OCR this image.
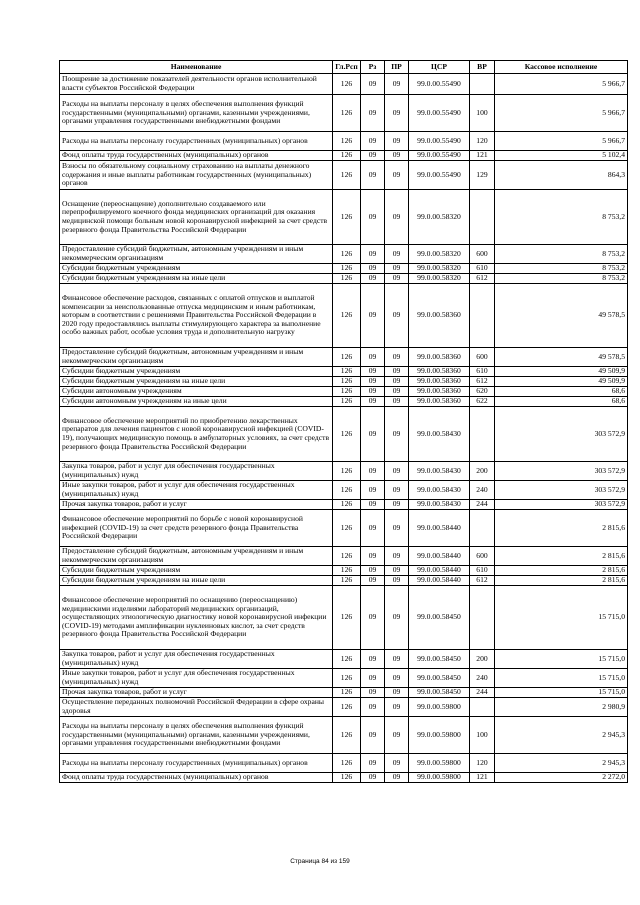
Наименование	Гл.Рсп	Рз	ПР	ЦСР	ВР	Кассовое исполнение
Поощрение за достижение показателей деятельности органов исполнительной власти субъектов Российской Федерации	126	09	09	99.0.00.55490		5 966,7
Расходы на выплаты персоналу в целях обеспечения выполнения функций государственными (муниципальными) органами, казенными учреждениями, органами управления государственными внебюджетными фондами	126	09	09	99.0.00.55490	100	5 966,7
Расходы на выплаты персоналу государственных (муниципальных) органов	126	09	09	99.0.00.55490	120	5 966,7
Фонд оплаты труда государственных (муниципальных) органов	126	09	09	99.0.00.55490	121	5 102,4
Взносы по обязательному социальному страхованию на выплаты денежного содержания и иные выплаты работникам государственных (муниципальных) органов	126	09	09	99.0.00.55490	129	864,3
Оснащение (переоснащение) дополнительно создаваемого или перепрофилируемого коечного фонда медицинских организаций для оказания медицинской помощи больным новой коронавирусной инфекцией за счет средств резервного фонда Правительства Российской Федерации	126	09	09	99.0.00.58320		8 753,2
Предоставление субсидий бюджетным, автономным учреждениям и иным некоммерческим организациям	126	09	09	99.0.00.58320	600	8 753,2
Субсидии бюджетным учреждениям	126	09	09	99.0.00.58320	610	8 753,2
Субсидии бюджетным учреждениям на иные цели	126	09	09	99.0.00.58320	612	8 753,2
Финансовое обеспечение расходов, связанных с оплатой отпусков и выплатой компенсации за неиспользованные отпуска медицинским и иным работникам, которым в соответствии с решениями Правительства Российской Федерации в 2020 году предоставлялись выплаты стимулирующего характера за выполнение особо важных работ, особые условия труда и дополнительную нагрузку	126	09	09	99.0.00.58360		49 578,5
Предоставление субсидий бюджетным, автономным учреждениям и иным некоммерческим организациям	126	09	09	99.0.00.58360	600	49 578,5
Субсидии бюджетным учреждениям	126	09	09	99.0.00.58360	610	49 509,9
Субсидии бюджетным учреждениям на иные цели	126	09	09	99.0.00.58360	612	49 509,9
Субсидии автономным учреждениям	126	09	09	99.0.00.58360	620	68,6
Субсидии автономным учреждениям на иные цели	126	09	09	99.0.00.58360	622	68,6
Финансовое обеспечение мероприятий по приобретению лекарственных препаратов для лечения пациентов с новой коронавирусной инфекцией (COVID-19), получающих медицинскую помощь в амбулаторных условиях, за счет средств резервного фонда Правительства Российской Федерации	126	09	09	99.0.00.58430		303 572,9
Закупка товаров, работ и услуг для обеспечения государственных (муниципальных) нужд	126	09	09	99.0.00.58430	200	303 572,9
Иные закупки товаров, работ и услуг для обеспечения государственных (муниципальных) нужд	126	09	09	99.0.00.58430	240	303 572,9
Прочая закупка товаров, работ и услуг	126	09	09	99.0.00.58430	244	303 572,9
Финансовое обеспечение мероприятий по борьбе с новой коронавирусной инфекцией (COVID-19) за счет средств резервного фонда Правительства Российской Федерации	126	09	09	99.0.00.58440		2 815,6
Предоставление субсидий бюджетным, автономным учреждениям и иным некоммерческим организациям	126	09	09	99.0.00.58440	600	2 815,6
Субсидии бюджетным учреждениям	126	09	09	99.0.00.58440	610	2 815,6
Субсидии бюджетным учреждениям на иные цели	126	09	09	99.0.00.58440	612	2 815,6
Финансовое обеспечение мероприятий по оснащению (переоснащению) медицинскими изделиями лабораторий медицинских организаций, осуществляющих этиологическую диагностику новой коронавирусной инфекции (COVID-19) методами амплификации нуклеиновых кислот, за счет средств резервного фонда Правительства Российской Федерации	126	09	09	99.0.00.58450		15 715,0
Закупка товаров, работ и услуг для обеспечения государственных (муниципальных) нужд	126	09	09	99.0.00.58450	200	15 715,0
Иные закупки товаров, работ и услуг для обеспечения государственных (муниципальных) нужд	126	09	09	99.0.00.58450	240	15 715,0
Прочая закупка товаров, работ и услуг	126	09	09	99.0.00.58450	244	15 715,0
Осуществление переданных полномочий Российской Федерации в сфере охраны здоровья	126	09	09	99.0.00.59800		2 980,9
Расходы на выплаты персоналу в целях обеспечения выполнения функций государственными (муниципальными) органами, казенными учреждениями, органами управления государственными внебюджетными фондами	126	09	09	99.0.00.59800	100	2 945,3
Расходы на выплаты персоналу государственных (муниципальных) органов	126	09	09	99.0.00.59800	120	2 945,3
Фонд оплаты труда государственных (муниципальных) органов	126	09	09	99.0.00.59800	121	2 272,0
Страница 84 из 159
